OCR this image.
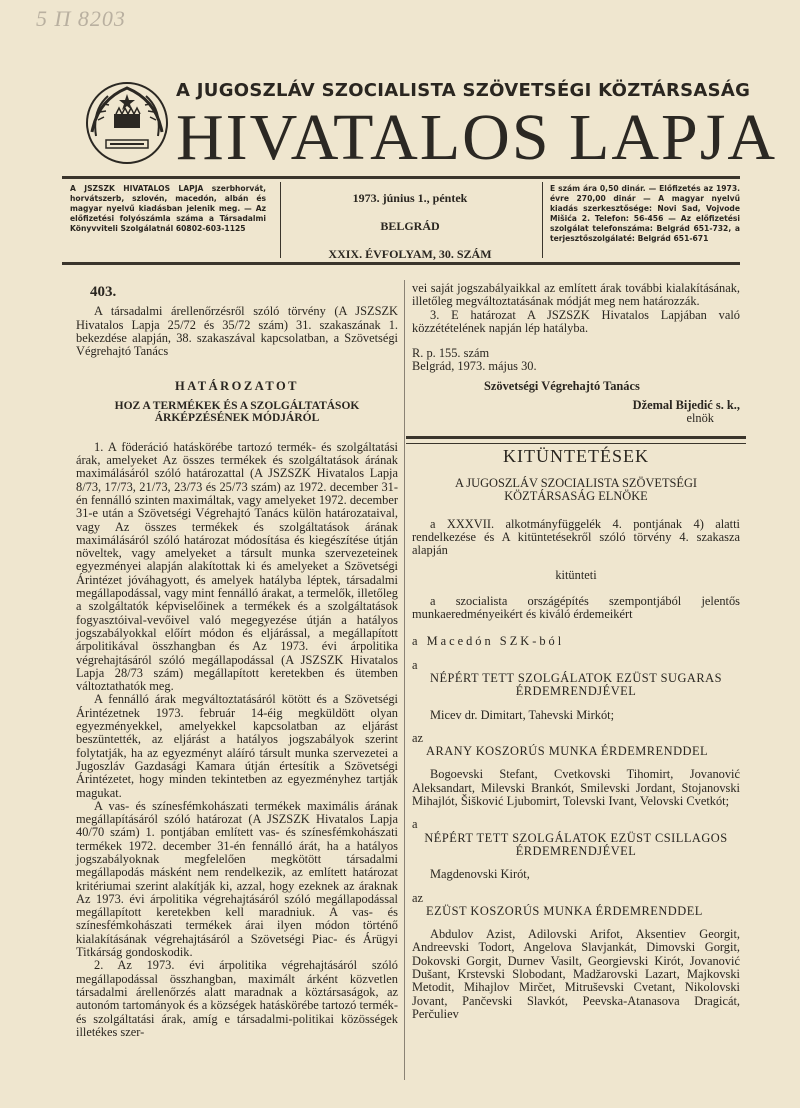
5 П 8203
A JUGOSZLÁV SZOCIALISTA SZÖVETSÉGI KÖZTÁRSASÁG
HIVATALOS LAPJA
A JSZSZK HIVATALOS LAPJA szerbhorvát, horvátszerb, szlovén, macedón, albán és magyar nyelvű kiadásban jelenik meg. — Az előfizetési folyószámla száma a Társadalmi Könyvviteli Szolgálatnál 60802-603-1125
1973. június 1., péntek
BELGRÁD
XXIX. ÉVFOLYAM, 30. SZÁM
E szám ára 0,50 dinár. — Előfizetés az 1973. évre 270,00 dinár — A magyar nyelvű kiadás szerkesztősége: Novi Sad, Vojvode Mišića 2. Telefon: 56-456 — Az előfizetési szolgálat telefonszáma: Belgrád 651-732, a terjesztőszolgálaté: Belgrád 651-671
403.

A társadalmi árellenőrzésről szóló törvény (A JSZSZK Hivatalos Lapja 25/72 és 35/72 szám) 31. szakaszának 1. bekezdése alapján, 38. szakaszával kapcsolatban, a Szövetségi Végrehajtó Tanács

HATÁROZATOT
HOZ A TERMÉKEK ÉS A SZOLGÁLTATÁSOK ÁRKÉPZÉSÉNEK MÓDJÁRÓL

1. A föderáció hatáskörébe tartozó termék- és szolgáltatási árak, amelyeket Az összes termékek és szolgáltatások árának maximálásáról szóló határozattal (A JSZSZK Hivatalos Lapja 8/73, 17/73, 21/73, 23/73 és 25/73 szám) az 1972. december 31-én fennálló szinten maximáltak, vagy amelyeket 1972. december 31-e után a Szövetségi Végrehajtó Tanács külön határozataival, vagy Az összes termékek és szolgáltatások árának maximálásáról szóló határozat módosítása és kiegészítése útján növeltek, vagy amelyeket a társult munka szervezeteinek egyezményei alapján alakítottak ki és amelyeket a Szövetségi Árintézet jóváhagyott, és amelyek hatályba léptek, társadalmi megállapodással, vagy mint fennálló árakat, a termelők, illetőleg a szolgáltatók képviselőinek a termékek és a szolgáltatások fogyasztóival-vevőivel való megegyezése útján a hatályos jogszabályokkal előírt módon és eljárással, a megállapított árpolitikával összhangban és Az 1973. évi árpolitika végrehajtásáról szóló megállapodással (A JSZSZK Hivatalos Lapja 28/73 szám) megállapított keretekben és ütemben változtathatók meg.

A fennálló árak megváltoztatásáról kötött és a Szövetségi Árintézetnek 1973. február 14-éig megküldött olyan egyezményekkel, amelyekkel kapcsolatban az eljárást beszüntették, az eljárást a hatályos jogszabályok szerint folytatják, ha az egyezményt aláíró társult munka szervezetei a Jugoszláv Gazdasági Kamara útján értesítik a Szövetségi Árintézetet, hogy minden tekintetben az egyezményhez tartják magukat.

A vas- és színesfémkohászati termékek maximális árának megállapításáról szóló határozat (A JSZSZK Hivatalos Lapja 40/70 szám) 1. pontjában említett vas- és színesfémkohászati termékek 1972. december 31-én fennálló árát, ha a hatályos jogszabályoknak megfelelően megkötött társadalmi megállapodás másként nem rendelkezik, az említett határozat kritériumai szerint alakítják ki, azzal, hogy ezeknek az áraknak Az 1973. évi árpolitika végrehajtásáról szóló megállapodással megállapított keretekben kell maradniuk. A vas- és színesfémkohászati termékek árai ilyen módon történő kialakításának végrehajtásáról a Szövetségi Piac- és Árügyi Titkárság gondoskodik.

2. Az 1973. évi árpolitika végrehajtásáról szóló megállapodással összhangban, maximált árként közvetlen társadalmi árellenőrzés alatt maradnak a köztársaságok, az autonóm tartományok és a községek hatáskörébe tartozó termék- és szolgáltatási árak, amíg e társadalmi-politikai közösségek illetékes szer-

vei saját jogszabályaikkal az említett árak további kialakításának, illetőleg megváltoztatásának módját meg nem határozzák.

3. E határozat A JSZSZK Hivatalos Lapjában való közzétételének napján lép hatályba.

R. p. 155. szám
Belgrád, 1973. május 30.
Szövetségi Végrehajtó Tanács
Džemal Bijedić s. k.,
elnök
KITÜNTETÉSEK
A JUGOSZLÁV SZOCIALISTA SZÖVETSÉGI KÖZTÁRSASÁG ELNÖKE

a XXXVII. alkotmányfüggelék 4. pontjának 4) alatti rendelkezése és A kitüntetésekről szóló törvény 4. szakasza alapján

kitünteti

a szocialista országépítés szempontjából jelentős munkaeredményeikért és kiváló érdemeikért

a Macedón SZK-ból
a
NÉPÉRT TETT SZOLGÁLATOK EZÜST SUGARAS ÉRDEMRENDJÉVEL
Micev dr. Dimitart, Tahevski Mirkót;
az
ARANY KOSZORÚS MUNKA ÉRDEMRENDDEL

Bogoevski Stefant, Cvetkovski Tihomirt, Jovanović Aleksandart, Milevski Brankót, Smilevski Jordant, Stojanovski Mihajlót, Šišković Ljubomirt, Tolevski Ivant, Velovski Cvetkót;

a
NÉPÉRT TETT SZOLGÁLATOK EZÜST CSILLAGOS ÉRDEMRENDJÉVEL
Magdenovski Kirót,
az
EZÜST KOSZORÚS MUNKA ÉRDEMRENDDEL

Abdulov Azist, Adilovski Arifot, Aksentiev Georgit, Andreevski Todort, Angelova Slavjankát, Dimovski Gorgit, Dokovski Gorgit, Durnev Vasilt, Georgievski Kirót, Jovanović Dušant, Krstevski Slobodant, Madžarovski Lazart, Majkovski Metodit, Mihajlov Mirčet, Mitruševski Cvetant, Nikolovski Jovant, Pančevski Slavkót, Peevska-Atanasova Dragicát, Perčuliev
